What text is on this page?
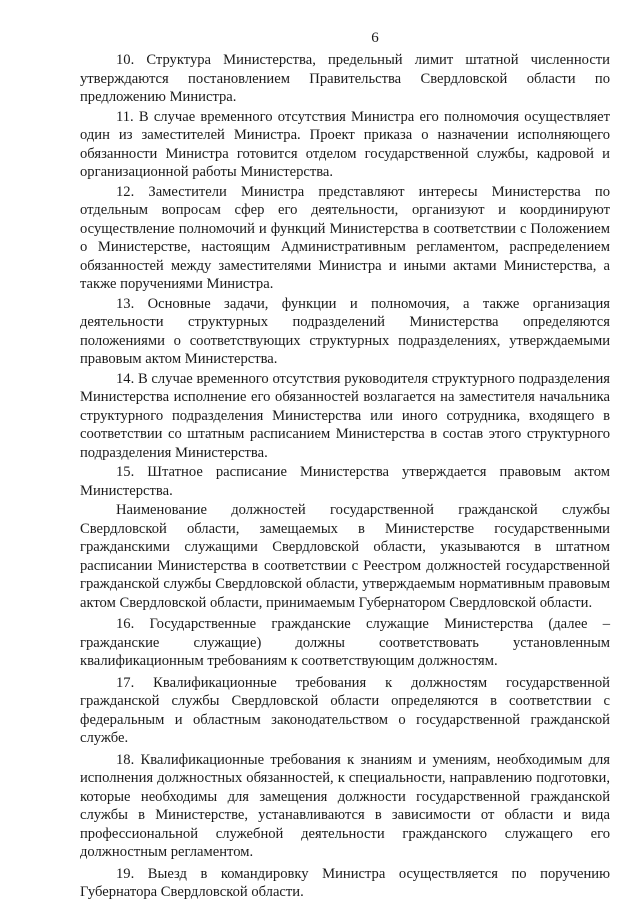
6

10. Структура Министерства, предельный лимит штатной численности утверждаются постановлением Правительства Свердловской области по предложению Министра.

11. В случае временного отсутствия Министра его полномочия осуществляет один из заместителей Министра. Проект приказа о назначении исполняющего обязанности Министра готовится отделом государственной службы, кадровой и организационной работы Министерства.

12. Заместители Министра представляют интересы Министерства по отдельным вопросам сфер его деятельности, организуют и координируют осуществление полномочий и функций Министерства в соответствии с Положением о Министерстве, настоящим Административным регламентом, распределением обязанностей между заместителями Министра и иными актами Министерства, а также поручениями Министра.

13. Основные задачи, функции и полномочия, а также организация деятельности структурных подразделений Министерства определяются положениями о соответствующих структурных подразделениях, утверждаемыми правовым актом Министерства.

14. В случае временного отсутствия руководителя структурного подразделения Министерства исполнение его обязанностей возлагается на заместителя начальника структурного подразделения Министерства или иного сотрудника, входящего в соответствии со штатным расписанием Министерства в состав этого структурного подразделения Министерства.

15. Штатное расписание Министерства утверждается правовым актом Министерства.

Наименование должностей государственной гражданской службы Свердловской области, замещаемых в Министерстве государственными гражданскими служащими Свердловской области, указываются в штатном расписании Министерства в соответствии с Реестром должностей государственной гражданской службы Свердловской области, утверждаемым нормативным правовым актом Свердловской области, принимаемым Губернатором Свердловской области.

16. Государственные гражданские служащие Министерства (далее – гражданские служащие) должны соответствовать установленным квалификационным требованиям к соответствующим должностям.

17. Квалификационные требования к должностям государственной гражданской службы Свердловской области определяются в соответствии с федеральным и областным законодательством о государственной гражданской службе.

18. Квалификационные требования к знаниям и умениям, необходимым для исполнения должностных обязанностей, к специальности, направлению подготовки, которые необходимы для замещения должности государственной гражданской службы в Министерстве, устанавливаются в зависимости от области и вида профессиональной служебной деятельности гражданского служащего его должностным регламентом.

19. Выезд в командировку Министра осуществляется по поручению Губернатора Свердловской области.
